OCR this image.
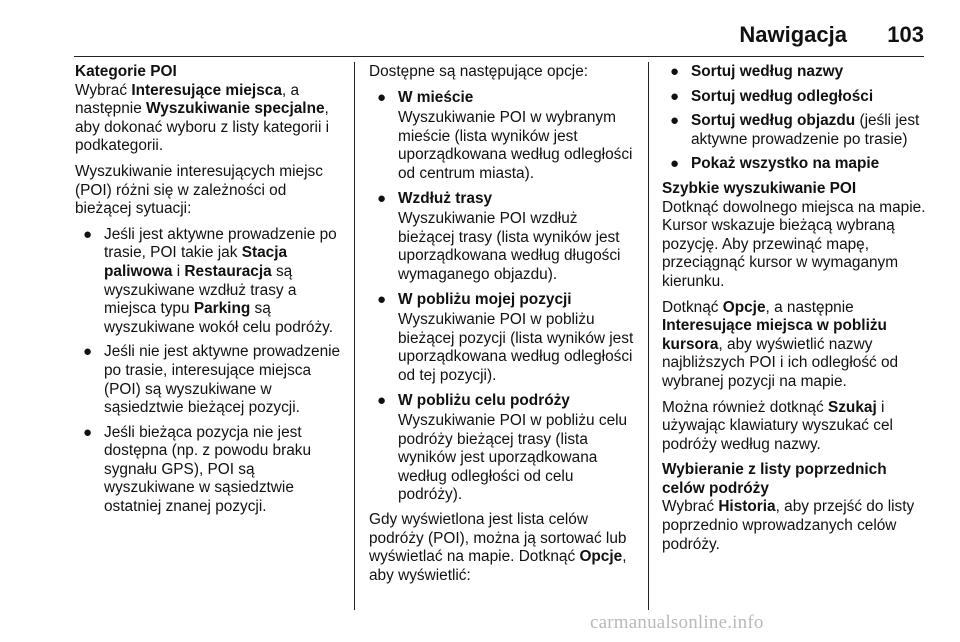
Nawigacja 103

Kategorie POI

Wybrać Interesujące miejsca, a następnie Wyszukiwanie specjalne, aby dokonać wyboru z listy kategorii i podkategorii.

Wyszukiwanie interesujących miejsc (POI) różni się w zależności od bieżącej sytuacji:

● Jeśli jest aktywne prowadzenie po trasie, POI takie jak Stacja paliwowa i Restauracja są wyszukiwane wzdłuż trasy a miejsca typu Parking są wyszukiwane wokół celu podróży.
● Jeśli nie jest aktywne prowadzenie po trasie, interesujące miejsca (POI) są wyszukiwane w sąsiedztwie bieżącej pozycji.
● Jeśli bieżąca pozycja nie jest dostępna (np. z powodu braku sygnału GPS), POI są wyszukiwane w sąsiedztwie ostatniej znanej pozycji.

Dostępne są następujące opcje:

● W mieście
Wyszukiwanie POI w wybranym mieście (lista wyników jest uporządkowana według odległości od centrum miasta).
● Wzdłuż trasy
Wyszukiwanie POI wzdłuż bieżącej trasy (lista wyników jest uporządkowana według długości wymaganego objazdu).
● W pobliżu mojej pozycji
Wyszukiwanie POI w pobliżu bieżącej pozycji (lista wyników jest uporządkowana według odległości od tej pozycji).
● W pobliżu celu podróży
Wyszukiwanie POI w pobliżu celu podróży bieżącej trasy (lista wyników jest uporządkowana według odległości od celu podróży).

Gdy wyświetlona jest lista celów podróży (POI), można ją sortować lub wyświetlać na mapie. Dotknąć Opcje, aby wyświetlić:

● Sortuj według nazwy
● Sortuj według odległości
● Sortuj według objazdu (jeśli jest aktywne prowadzenie po trasie)
● Pokaż wszystko na mapie

Szybkie wyszukiwanie POI

Dotknąć dowolnego miejsca na mapie. Kursor wskazuje bieżącą wybraną pozycję. Aby przewinąć mapę, przeciągnąć kursor w wymaganym kierunku.

Dotknąć Opcje, a następnie Interesujące miejsca w pobliżu kursora, aby wyświetlić nazwy najbliższych POI i ich odległość od wybranej pozycji na mapie.

Można również dotknąć Szukaj i używając klawiatury wyszukać cel podróży według nazwy.

Wybieranie z listy poprzednich celów podróży

Wybrać Historia, aby przejść do listy poprzednio wprowadzanych celów podróży.

carmanualsonline.info
